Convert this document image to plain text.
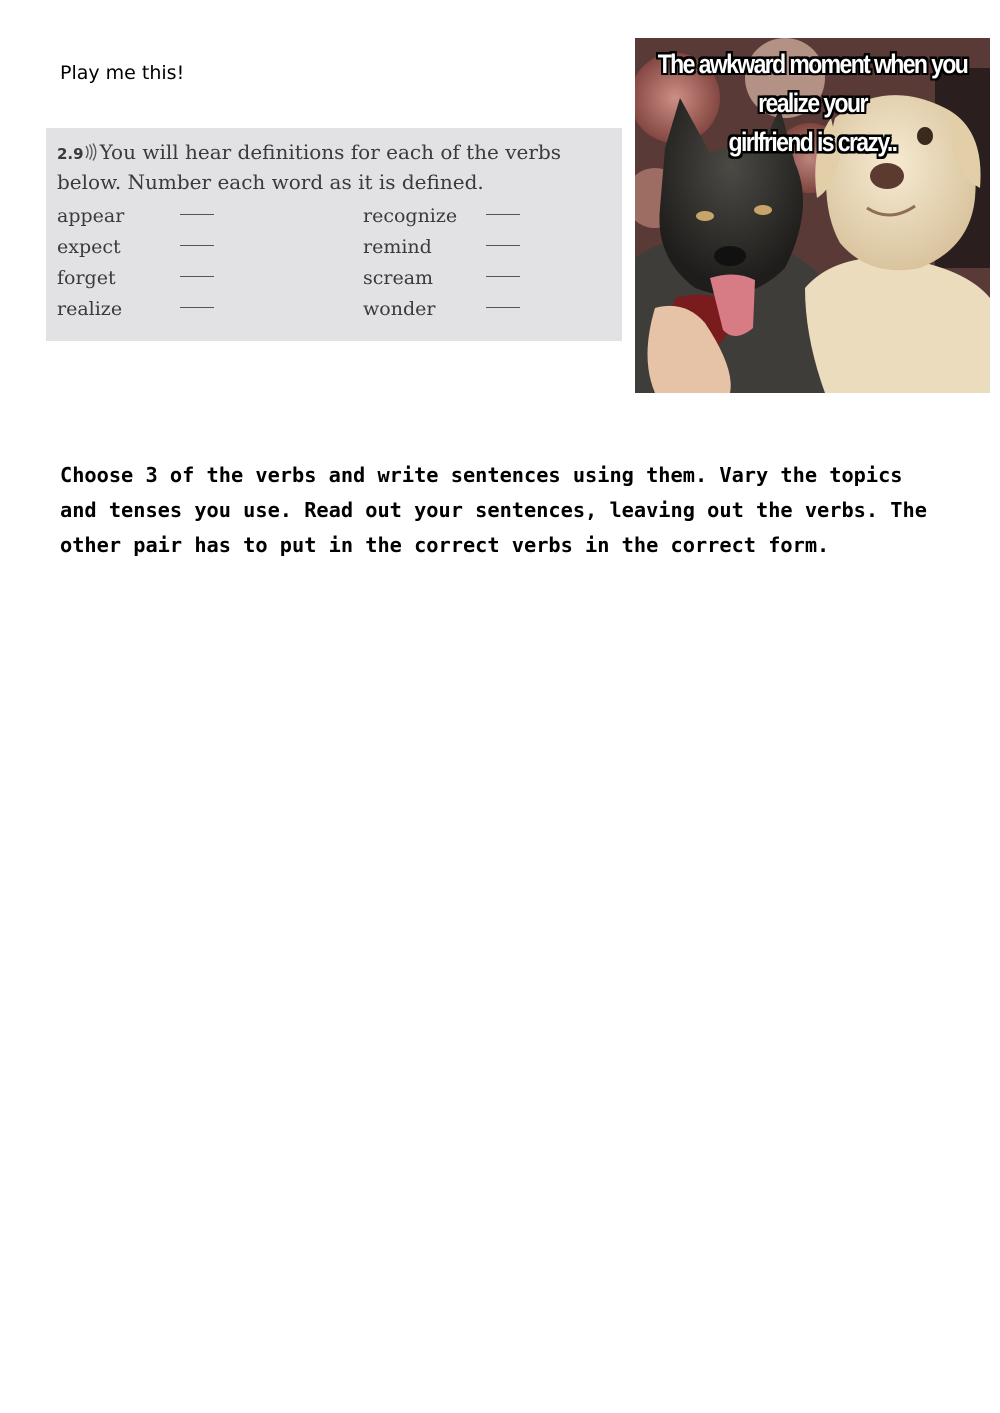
Play me this!
2.9 You will hear definitions for each of the verbs below. Number each word as it is defined.
appear
expect
forget
realize
recognize
remind
scream
wonder
The awkward moment when you realize your
girlfriend is crazy..
Choose 3 of the verbs and write sentences using them. Vary the topics and tenses you use. Read out your sentences, leaving out the verbs. The other pair has to put in the correct verbs in the correct form.
